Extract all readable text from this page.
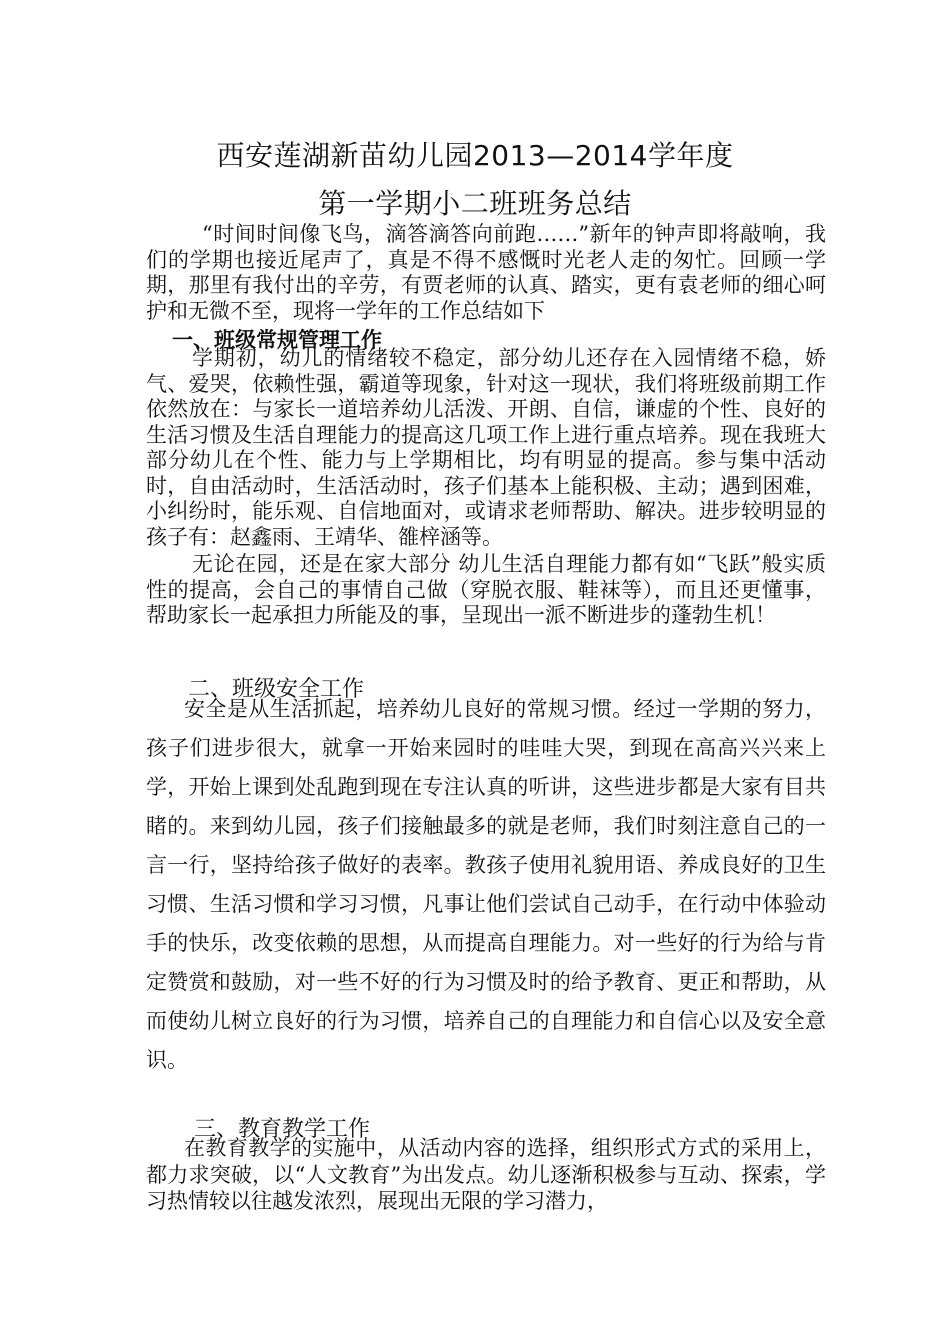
西安莲湖新苗幼儿园2013—2014学年度
第一学期小二班班务总结

“时间时间像飞鸟，滴答滴答向前跑……”新年的钟声即将敲响，我们的学期也接近尾声了，真是不得不感慨时光老人走的匆忙。回顾一学期，那里有我付出的辛劳，有贾老师的认真、踏实，更有袁老师的细心呵护和无微不至，现将一学年的工作总结如下

一、班级常规管理工作

学期初，幼儿的情绪较不稳定，部分幼儿还存在入园情绪不稳，娇气、爱哭，依赖性强，霸道等现象，针对这一现状，我们将班级前期工作依然放在：与家长一道培养幼儿活泼、开朗、自信，谦虚的个性、良好的生活习惯及生活自理能力的提高这几项工作上进行重点培养。现在我班大部分幼儿在个性、能力与上学期相比，均有明显的提高。参与集中活动时，自由活动时，生活活动时，孩子们基本上能积极、主动；遇到困难，小纠纷时，能乐观、自信地面对，或请求老师帮助、解决。进步较明显的孩子有：赵鑫雨、王靖华、雒梓涵等。

无论在园，还是在家大部分 幼儿生活自理能力都有如“飞跃”般实质性的提高，会自己的事情自己做（穿脱衣服、鞋袜等），而且还更懂事，帮助家长一起承担力所能及的事，呈现出一派不断进步的蓬勃生机！

二、班级安全工作

安全是从生活抓起，培养幼儿良好的常规习惯。经过一学期的努力，孩子们进步很大，就拿一开始来园时的哇哇大哭，到现在高高兴兴来上学，开始上课到处乱跑到现在专注认真的听讲，这些进步都是大家有目共睹的。来到幼儿园，孩子们接触最多的就是老师，我们时刻注意自己的一言一行，坚持给孩子做好的表率。教孩子使用礼貌用语、养成良好的卫生习惯、生活习惯和学习习惯，凡事让他们尝试自己动手，在行动中体验动手的快乐，改变依赖的思想，从而提高自理能力。对一些好的行为给与肯定赞赏和鼓励，对一些不好的行为习惯及时的给予教育、更正和帮助，从而使幼儿树立良好的行为习惯，培养自己的自理能力和自信心以及安全意识。

三、教育教学工作

在教育教学的实施中，从活动内容的选择，组织形式方式的采用上，都力求突破，以“人文教育”为出发点。幼儿逐渐积极参与互动、探索，学习热情较以往越发浓烈，展现出无限的学习潜力，
